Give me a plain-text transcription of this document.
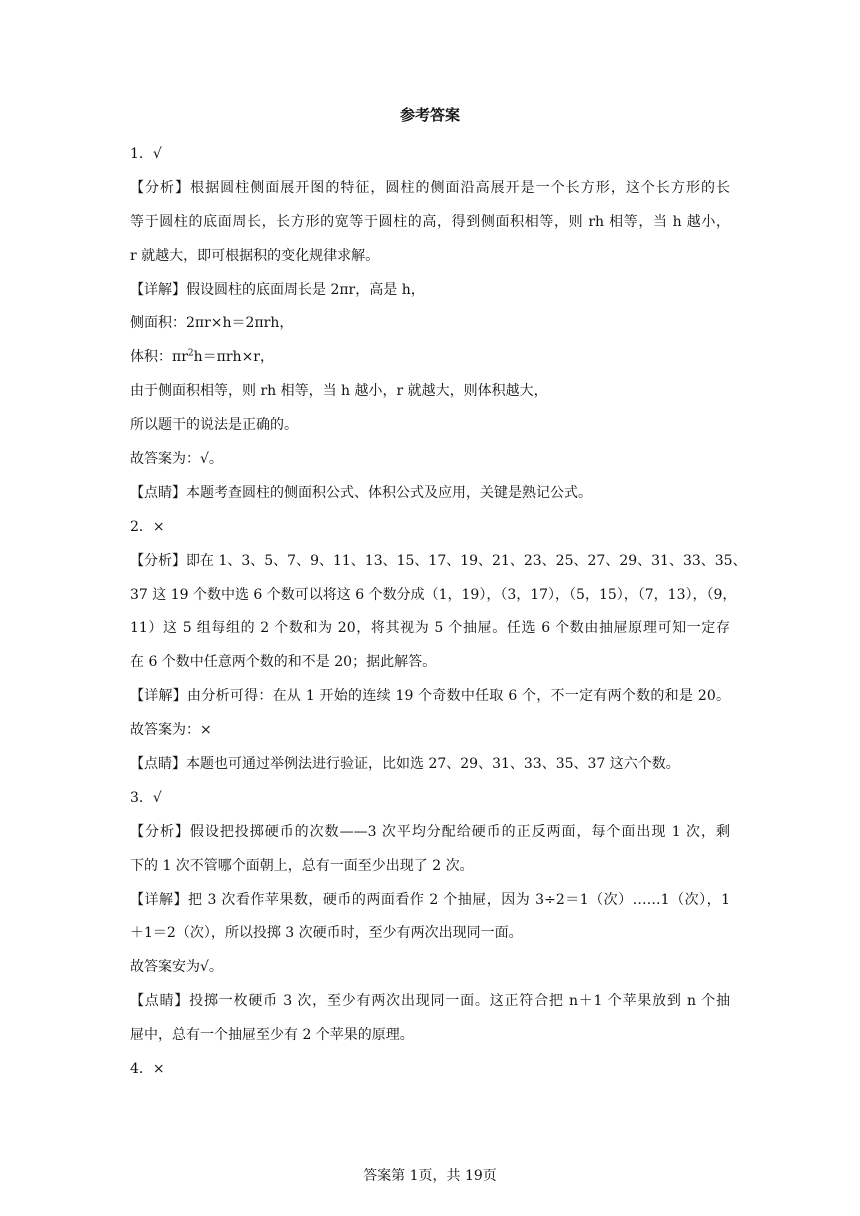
参考答案
1．√
【分析】根据圆柱侧面展开图的特征，圆柱的侧面沿高展开是一个长方形，这个长方形的长
等于圆柱的底面周长，长方形的宽等于圆柱的高，得到侧面积相等，则 rh 相等，当 h 越小，
r 就越大，即可根据积的变化规律求解。
【详解】假设圆柱的底面周长是 2πr，高是 h，
侧面积：2πr×h＝2πrh，
体积：$\pi r^2h=\pi rh\times r$，
由于侧面积相等，则 rh 相等，当 h 越小，r 就越大，则体积越大，
所以题干的说法是正确的。
故答案为：√。
【点睛】本题考查圆柱的侧面积公式、体积公式及应用，关键是熟记公式。
2．×
【分析】即在 1、3、5、7、9、11、13、15、17、19、21、23、25、27、29、31、33、35、
37 这 19 个数中选 6 个数可以将这 6 个数分成（1，19），（3，17），（5，15），（7，13），（9，
11）这 5 组每组的 2 个数和为 20，将其视为 5 个抽屉。任选 6 个数由抽屉原理可知一定存
在 6 个数中任意两个数的和不是 20；据此解答。
【详解】由分析可得：在从 1 开始的连续 19 个奇数中任取 6 个，不一定有两个数的和是 20。
故答案为：×
【点睛】本题也可通过举例法进行验证，比如选 27、29、31、33、35、37 这六个数。
3．√
【分析】假设把投掷硬币的次数——3 次平均分配给硬币的正反两面，每个面出现 1 次，剩
下的 1 次不管哪个面朝上，总有一面至少出现了 2 次。
【详解】把 3 次看作苹果数，硬币的两面看作 2 个抽屉，因为 3÷2＝1（次）……1（次），1
＋1＝2（次），所以投掷 3 次硬币时，至少有两次出现同一面。
故答案安为√。
【点睛】投掷一枚硬币 3 次，至少有两次出现同一面。这正符合把 n＋1 个苹果放到 n 个抽
屉中，总有一个抽屉至少有 2 个苹果的原理。
4．×
答案第 1页，共 19页
